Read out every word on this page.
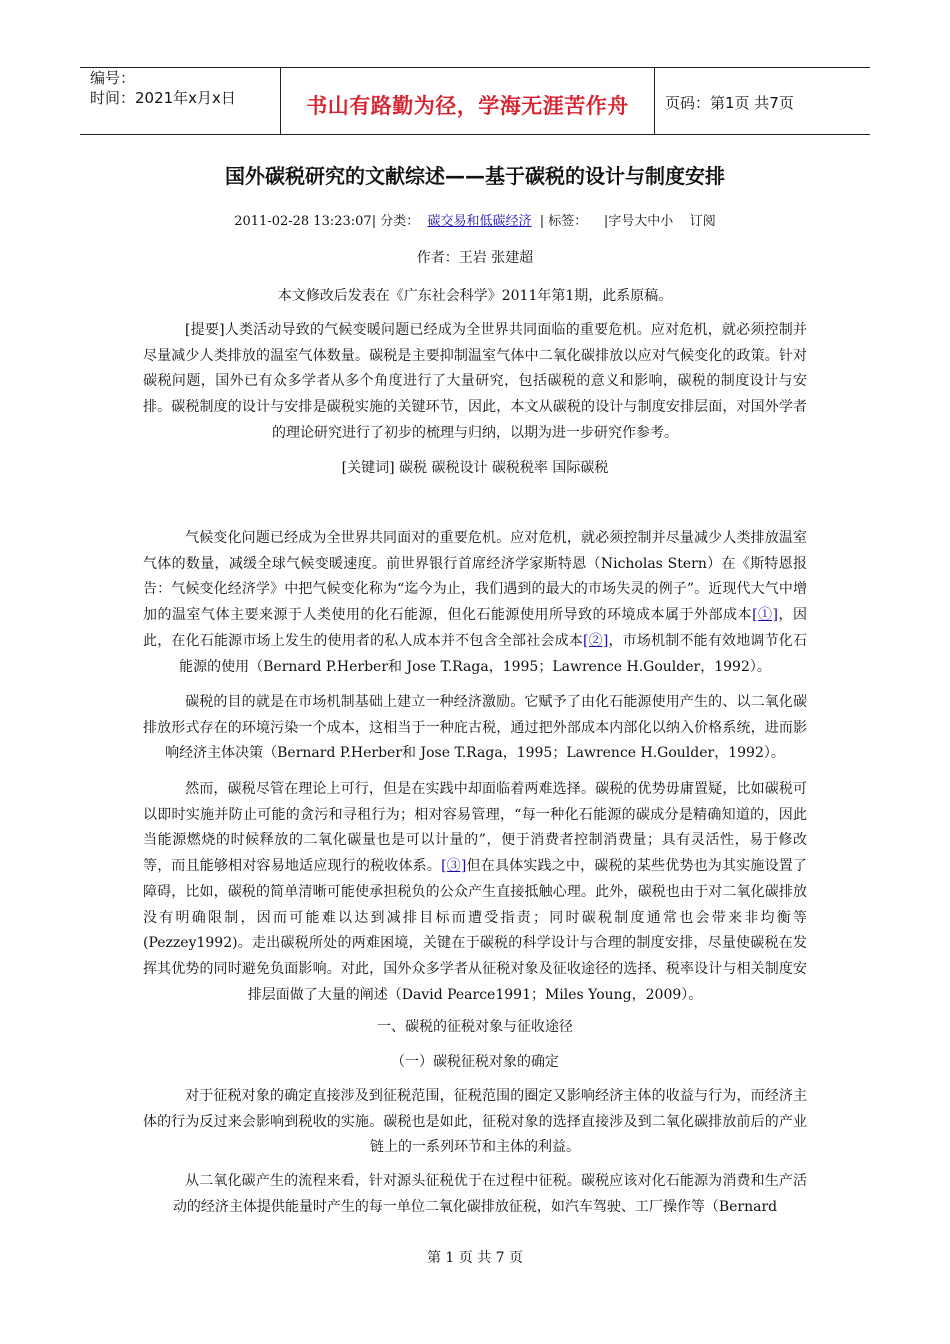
编号：
时间：2021年x月x日	书山有路勤为径，学海无涯苦作舟	页码：第1页 共7页
国外碳税研究的文献综述——基于碳税的设计与制度安排
2011-02-28 13:23:07| 分类： 碳交易和低碳经济 | 标签： |字号大中小 订阅
作者：王岩 张建超
本文修改后发表在《广东社会科学》2011年第1期，此系原稿。
[提要]人类活动导致的气候变暖问题已经成为全世界共同面临的重要危机。应对危机，就必须控制并尽量减少人类排放的温室气体数量。碳税是主要抑制温室气体中二氧化碳排放以应对气候变化的政策。针对碳税问题，国外已有众多学者从多个角度进行了大量研究，包括碳税的意义和影响，碳税的制度设计与安排。碳税制度的设计与安排是碳税实施的关键环节，因此，本文从碳税的设计与制度安排层面，对国外学者的理论研究进行了初步的梳理与归纳，以期为进一步研究作参考。
[关键词] 碳税 碳税设计 碳税税率 国际碳税
气候变化问题已经成为全世界共同面对的重要危机。应对危机，就必须控制并尽量减少人类排放温室气体的数量，减缓全球气候变暖速度。前世界银行首席经济学家斯特恩（Nicholas Stern）在《斯特恩报告：气候变化经济学》中把气候变化称为“迄今为止，我们遇到的最大的市场失灵的例子”。近现代大气中增加的温室气体主要来源于人类使用的化石能源，但化石能源使用所导致的环境成本属于外部成本[①]，因此，在化石能源市场上发生的使用者的私人成本并不包含全部社会成本[②]，市场机制不能有效地调节化石能源的使用（Bernard P.Herber和 Jose T.Raga，1995；Lawrence H.Goulder，1992）。
碳税的目的就是在市场机制基础上建立一种经济激励。它赋予了由化石能源使用产生的、以二氧化碳排放形式存在的环境污染一个成本，这相当于一种庇古税，通过把外部成本内部化以纳入价格系统，进而影响经济主体决策（Bernard P.Herber和 Jose T.Raga，1995；Lawrence H.Goulder，1992）。
然而，碳税尽管在理论上可行，但是在实践中却面临着两难选择。碳税的优势毋庸置疑，比如碳税可以即时实施并防止可能的贪污和寻租行为；相对容易管理，“每一种化石能源的碳成分是精确知道的，因此当能源燃烧的时候释放的二氧化碳量也是可以计量的”，便于消费者控制消费量；具有灵活性，易于修改等，而且能够相对容易地适应现行的税收体系。[③]但在具体实践之中，碳税的某些优势也为其实施设置了障碍，比如，碳税的简单清晰可能使承担税负的公众产生直接抵触心理。此外，碳税也由于对二氧化碳排放没有明确限制，因而可能难以达到减排目标而遭受指责；同时碳税制度通常也会带来非均衡等(Pezzey1992)。走出碳税所处的两难困境，关键在于碳税的科学设计与合理的制度安排，尽量使碳税在发挥其优势的同时避免负面影响。对此，国外众多学者从征税对象及征收途径的选择、税率设计与相关制度安排层面做了大量的阐述（David Pearce1991；Miles Young，2009）。
一、碳税的征税对象与征收途径
（一）碳税征税对象的确定
对于征税对象的确定直接涉及到征税范围，征税范围的圈定又影响经济主体的收益与行为，而经济主体的行为反过来会影响到税收的实施。碳税也是如此，征税对象的选择直接涉及到二氧化碳排放前后的产业链上的一系列环节和主体的利益。
从二氧化碳产生的流程来看，针对源头征税优于在过程中征税。碳税应该对化石能源为消费和生产活动的经济主体提供能量时产生的每一单位二氧化碳排放征税，如汽车驾驶、工厂操作等（Bernard
第 1 页 共 7 页
